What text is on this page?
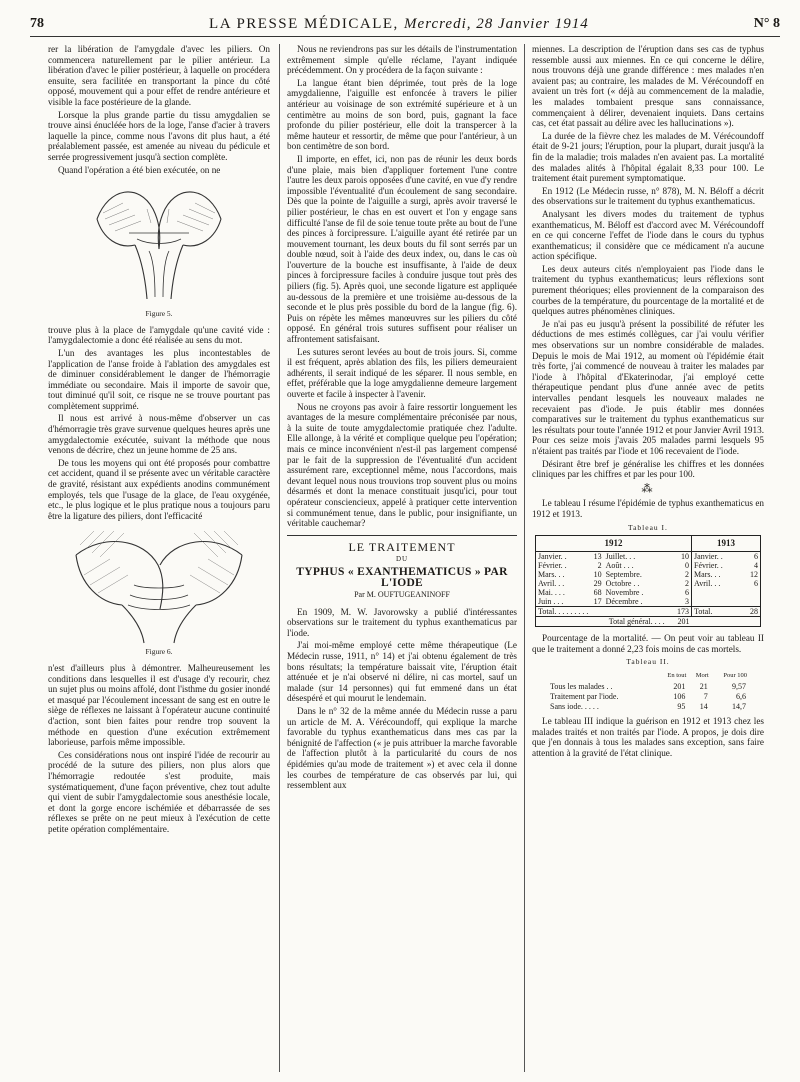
78	LA PRESSE MÉDICALE, Mercredi, 28 Janvier 1914	N° 8

rer la libération de l'amygdale d'avec les piliers. On commencera naturellement par le pilier antérieur. La libération d'avec le pilier postérieur, à laquelle on procédera ensuite, sera facilitée en transportant la pince du côté opposé, mouvement qui a pour effet de rendre antérieure et visible la face postérieure de la glande.

Lorsque la plus grande partie du tissu amygdalien se trouve ainsi énucléée hors de la loge, l'anse d'acier à travers laquelle la pince, comme nous l'avons dit plus haut, a été préalablement passée, est amenée au niveau du pédicule et serrée progressivement jusqu'à section complète.

Quand l'opération a été bien exécutée, on ne

Figure 5.

trouve plus à la place de l'amygdale qu'une cavité vide : l'amygdalectomie a donc été réalisée au sens du mot.

L'un des avantages les plus incontestables de l'application de l'anse froide à l'ablation des amygdales est de diminuer considérablement le danger de l'hémorragie immédiate ou secondaire. Mais il importe de savoir que, tout diminué qu'il soit, ce risque ne se trouve pourtant pas complètement supprimé.

Il nous est arrivé à nous-même d'observer un cas d'hémorragie très grave survenue quelques heures après une amygdalectomie exécutée, suivant la méthode que nous venons de décrire, chez un jeune homme de 25 ans.

De tous les moyens qui ont été proposés pour combattre cet accident, quand il se présente avec un véritable caractère de gravité, résistant aux expédients anodins communément employés, tels que l'usage de la glace, de l'eau oxygénée, etc., le plus logique et le plus pratique nous a toujours paru être la ligature des piliers, dont l'efficacité

Figure 6.

n'est d'ailleurs plus à démontrer. Malheureusement les conditions dans lesquelles il est d'usage d'y recourir, chez un sujet plus ou moins affolé, dont l'isthme du gosier inondé et masqué par l'écoulement incessant de sang est en outre le siège de réflexes ne laissant à l'opérateur aucune continuité d'action, sont bien faites pour rendre trop souvent la méthode en question d'une exécution extrêmement laborieuse, parfois même impossible.

Ces considérations nous ont inspiré l'idée de recourir au procédé de la suture des piliers, non plus alors que l'hémorragie redoutée s'est produite, mais systématiquement, d'une façon préventive, chez tout adulte qui vient de subir l'amygdalectomie sous anesthésie locale, et dont la gorge encore ischémiée et débarrassée de ses réflexes se prête on ne peut mieux à l'exécution de cette petite opération complémentaire.

Nous ne reviendrons pas sur les détails de l'instrumentation extrêmement simple qu'elle réclame, l'ayant indiquée précédemment. On y procédera de la façon suivante :

La langue étant bien déprimée, tout près de la loge amygdalienne, l'aiguille est enfoncée à travers le pilier antérieur au voisinage de son extrémité supérieure et à un centimètre au moins de son bord, puis, gagnant la face profonde du pilier postérieur, elle doit la transpercer à la même hauteur et ressortir, de même que pour l'antérieur, à un bon centimètre de son bord.

Il importe, en effet, ici, non pas de réunir les deux bords d'une plaie, mais bien d'appliquer fortement l'une contre l'autre les deux parois opposées d'une cavité, en vue d'y rendre impossible l'éventualité d'un écoulement de sang secondaire. Dès que la pointe de l'aiguille a surgi, après avoir traversé le pilier postérieur, le chas en est ouvert et l'on y engage sans difficulté l'anse de fil de soie tenue toute prête au bout de l'une des pinces à forcipressure. L'aiguille ayant été retirée par un mouvement tournant, les deux bouts du fil sont serrés par un double nœud, soit à l'aide des deux index, ou, dans le cas où l'ouverture de la bouche est insuffisante, à l'aide de deux pinces à forcipressure faciles à conduire jusque tout près des piliers (fig. 5). Après quoi, une seconde ligature est appliquée au-dessous de la première et une troisième au-dessous de la seconde et le plus près possible du bord de la langue (fig. 6). Puis on répète les mêmes manœuvres sur les piliers du côté opposé. En général trois sutures suffisent pour réaliser un affrontement satisfaisant.

Les sutures seront levées au bout de trois jours. Si, comme il est fréquent, après ablation des fils, les piliers demeuraient adhérents, il serait indiqué de les séparer. Il nous semble, en effet, préférable que la loge amygdalienne demeure largement ouverte et facile à inspecter à l'avenir.

Nous ne croyons pas avoir à faire ressortir longuement les avantages de la mesure complémentaire préconisée par nous, à la suite de toute amygdalectomie pratiquée chez l'adulte. Elle allonge, à la vérité et complique quelque peu l'opération; mais ce mince inconvénient n'est-il pas largement compensé par le fait de la suppression de l'éventualité d'un accident assurément rare, exceptionnel même, nous l'accordons, mais devant lequel nous nous trouvions trop souvent plus ou moins désarmés et dont la menace constituait jusqu'ici, pour tout opérateur consciencieux, appelé à pratiquer cette intervention si communément tenue, dans le public, pour insignifiante, un véritable cauchemar?

LE TRAITEMENT
DU
TYPHUS « EXANTHEMATICUS » PAR L'IODE
Par M. OUFTUGEANINOFF

En 1909, M. W. Javorowsky a publié d'intéressantes observations sur le traitement du typhus exanthematicus par l'iode.

J'ai moi-même employé cette même thérapeutique (Le Médecin russe, 1911, n° 14) et j'ai obtenu également de très bons résultats; la température baissait vite, l'éruption était atténuée et je n'ai observé ni délire, ni cas mortel, sauf un malade (sur 14 personnes) qui fut emmené dans un état désespéré et qui mourut le lendemain.

Dans le n° 32 de la même année du Médecin russe a paru un article de M. A. Vérécoundoff, qui explique la marche favorable du typhus exanthematicus dans mes cas par la bénignité de l'affection (« je puis attribuer la marche favorable de l'affection plutôt à la particularité du cours de nos épidémies qu'au mode de traitement ») et avec cela il donne les courbes de température de cas observés par lui, qui ressemblent aux

miennes. La description de l'éruption dans ses cas de typhus ressemble aussi aux miennes. En ce qui concerne le délire, nous trouvons déjà une grande différence : mes malades n'en avaient pas; au contraire, les malades de M. Vérécoundoff en avaient un très fort (« déjà au commencement de la maladie, les malades tombaient presque sans connaissance, commençaient à délirer, devenaient inquiets. Dans certains cas, cet état passait au délire avec les hallucinations »).

La durée de la fièvre chez les malades de M. Vérécoundoff était de 9-21 jours; l'éruption, pour la plupart, durait jusqu'à la fin de la maladie; trois malades n'en avaient pas. La mortalité des malades alités à l'hôpital égalait 8,33 pour 100. Le traitement était purement symptomatique.

En 1912 (Le Médecin russe, n° 878), M. N. Béloff a décrit des observations sur le traitement du typhus exanthematicus.

Analysant les divers modes du traitement de typhus exanthematicus, M. Béloff est d'accord avec M. Vérécoundoff en ce qui concerne l'effet de l'iode dans le cours du typhus exanthematicus; il considère que ce médicament n'a aucune action spécifique.

Les deux auteurs cités n'employaient pas l'iode dans le traitement du typhus exanthematicus; leurs réflexions sont purement théoriques; elles proviennent de la comparaison des courbes de la température, du pourcentage de la mortalité et de quelques autres phénomènes cliniques.

Je n'ai pas eu jusqu'à présent la possibilité de réfuter les déductions de mes estimés collègues, car j'ai voulu vérifier mes observations sur un nombre considérable de malades. Depuis le mois de Mai 1912, au moment où l'épidémie était très forte, j'ai commencé de nouveau à traiter les malades par l'iode à l'hôpital d'Ekaterinodar, j'ai employé cette thérapeutique pendant plus d'une année avec de petits intervalles pendant lesquels les nouveaux malades ne recevaient pas d'iode. Je puis établir mes données comparatives sur le traitement du typhus exanthematicus sur les résultats pour toute l'année 1912 et pour Janvier Avril 1913. Pour ces seize mois j'avais 205 malades parmi lesquels 95 n'étaient pas traités par l'iode et 106 recevaient de l'iode.

Désirant être bref je généralise les chiffres et les données cliniques par les chiffres et par les pour 100.

⁂

Le tableau I résume l'épidémie de typhus exanthematicus en 1912 et 1913.

Tableau I.
1912				1913	
Janvier. .	13	Juillet. . .	10	Janvier. .	6
Février. .	2	Août . . .	0	Février. .	4
Mars. . .	10	Septembre.	2	Mars. . .	12
Avril. . .	29	Octobre . .	2	Avril. . .	6
Mai. . . .	68	Novembre .	6		
Juin . . .	17	Décembre .	3		
Total. . . . . . . . .			173	Total.	28
Total général. . . .			201		

Pourcentage de la mortalité. — On peut voir au tableau II que le traitement a donné 2,23 fois moins de cas mortels.

Tableau II.
	En tout	Mort	Pour 100
Tous les malades . .	201	21	9,57
Traitement par l'iode.	106	7	6,6
Sans iode. . . . .	95	14	14,7

Le tableau III indique la guérison en 1912 et 1913 chez les malades traités et non traités par l'iode. A propos, je dois dire que j'en donnais à tous les malades sans exception, sans faire attention à la gravité de l'état clinique.
